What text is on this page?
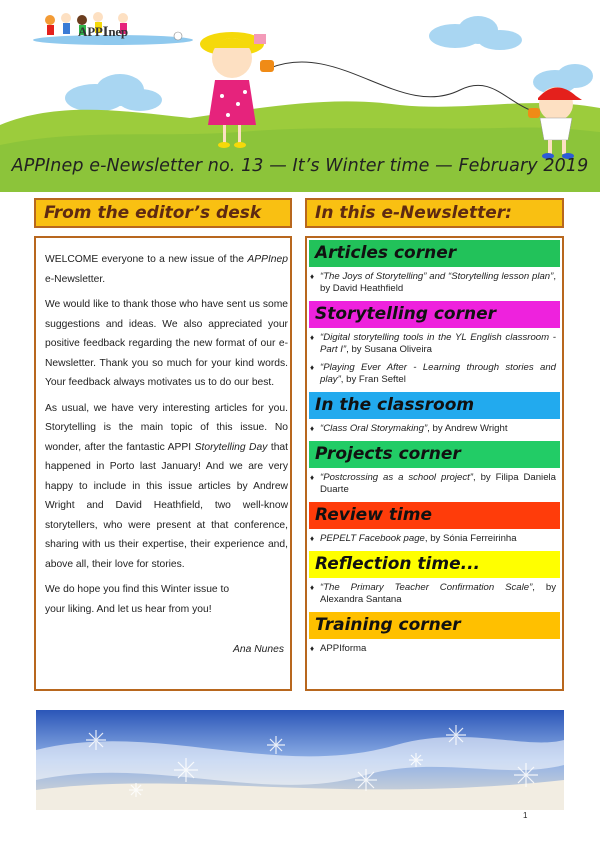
APPInep
APPInep e-Newsletter no. 13 — It’s Winter time — February 2019
From the editor’s desk	In this e-Newsletter:

WELCOME everyone to a new issue of the APPInep e-Newsletter.

We would like to thank those who have sent us some suggestions and ideas. We also appreciated your positive feedback regarding the new format of our e-Newsletter. Thank you so much for your kind words. Your feedback always motivates us to do our best.

As usual, we have very interesting articles for you. Storytelling is the main topic of this issue. No wonder, after the fantastic APPI Storytelling Day that happened in Porto last January! And we are very happy to include in this issue articles by Andrew Wright and David Heathfield, two well-know storytellers, who were present at that conference, sharing with us their expertise, their experience and, above all, their love for stories.

We do hope you find this Winter issue to your liking. And let us hear from you!

Ana Nunes
Articles corner
♦ “The Joys of Storytelling” and “Storytelling lesson plan”, by David Heathfield
Storytelling corner
♦ “Digital storytelling tools in the YL English classroom - Part I”, by Susana Oliveira
♦ “Playing Ever After - Learning through stories and play”, by Fran Seftel
In the classroom
♦ “Class Oral Storymaking”, by Andrew Wright
Projects corner
♦ “Postcrossing as a school project”, by Filipa Daniela Duarte
Review time
♦ PEPELT Facebook page, by Sónia Ferreirinha
Reflection time...
♦ “The Primary Teacher Confirmation Scale”, by Alexandra Santana
Training corner
♦ APPIforma
1
